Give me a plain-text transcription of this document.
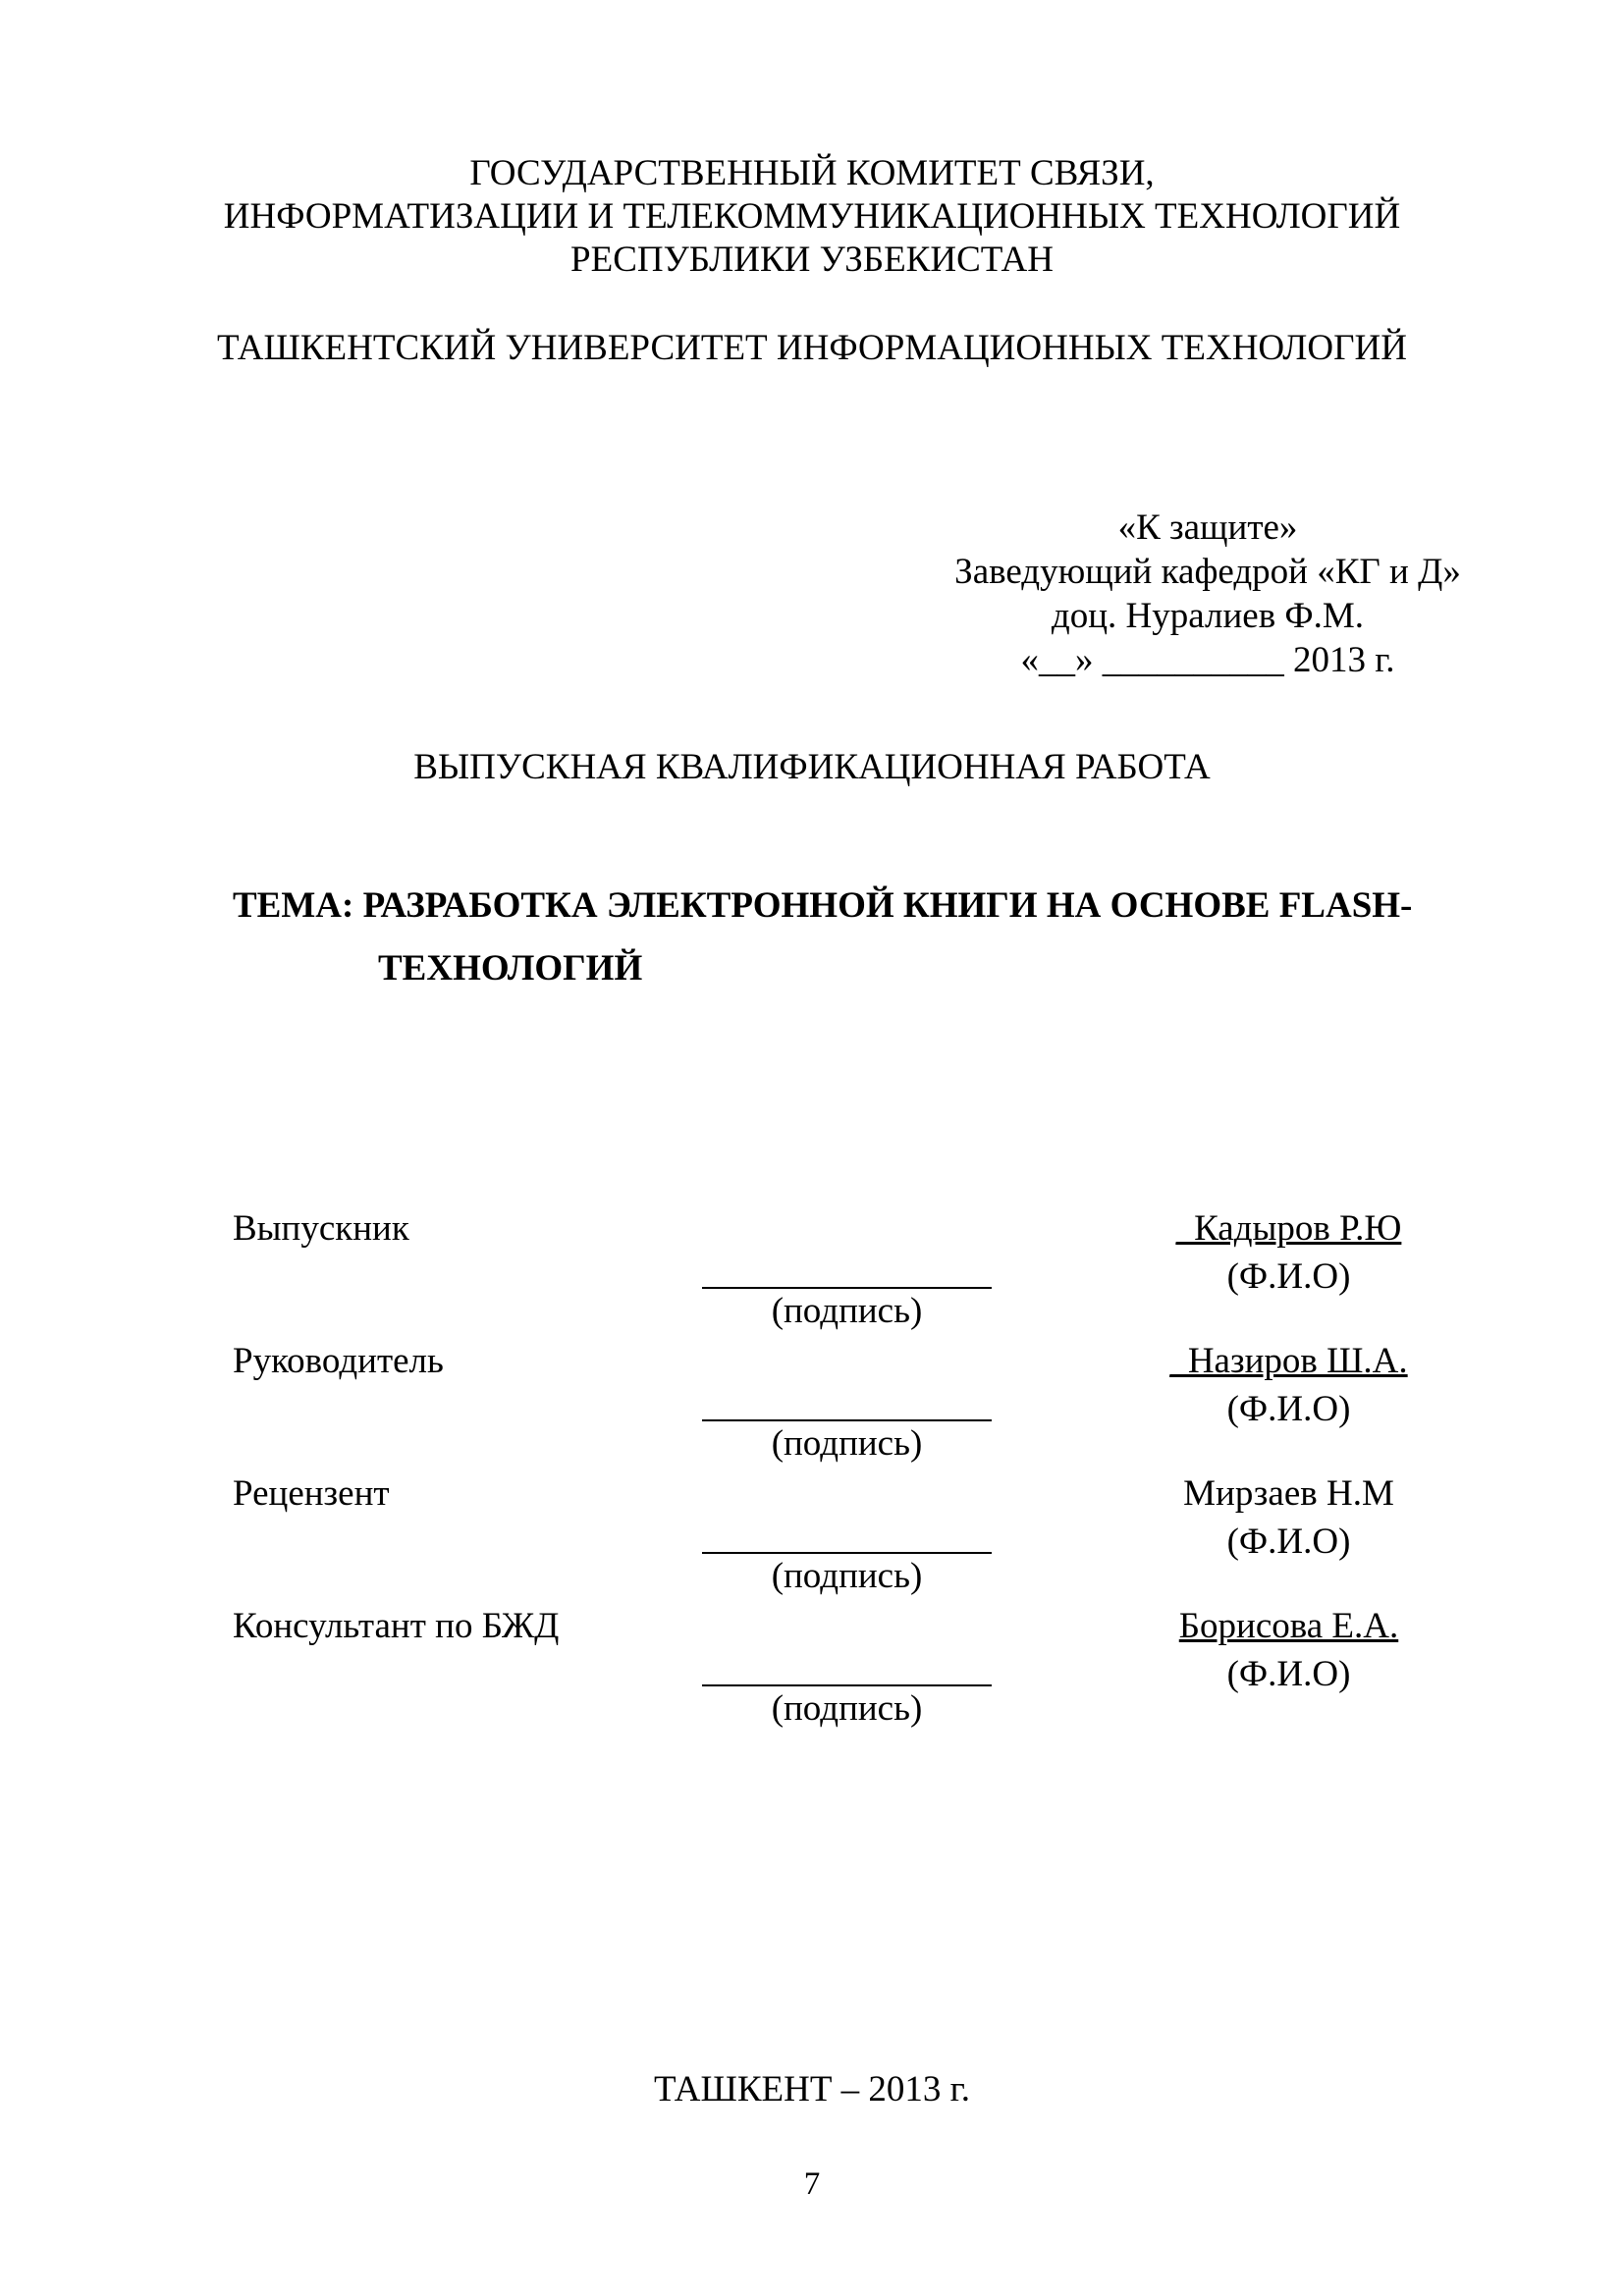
ГОСУДАРСТВЕННЫЙ КОМИТЕТ СВЯЗИ,
ИНФОРМАТИЗАЦИИ И ТЕЛЕКОММУНИКАЦИОННЫХ ТЕХНОЛОГИЙ
РЕСПУБЛИКИ УЗБЕКИСТАН
ТАШКЕНТСКИЙ УНИВЕРСИТЕТ ИНФОРМАЦИОННЫХ ТЕХНОЛОГИЙ
«К защите»
Заведующий кафедрой «КГ и Д»
доц. Нуралиев Ф.М.
«__» __________ 2013 г.
ВЫПУСКНАЯ КВАЛИФИКАЦИОННАЯ РАБОТА
ТЕМА: РАЗРАБОТКА ЭЛЕКТРОННОЙ КНИГИ НА ОСНОВЕ FLASH-
ТЕХНОЛОГИЙ
Выпускник
(подпись)
_Кадыров Р.Ю
(Ф.И.О)
Руководитель
(подпись)
_Назиров Ш.А.
(Ф.И.О)
Рецензент
(подпись)
Мирзаев Н.М
(Ф.И.О)
Консультант по БЖД
(подпись)
Борисова Е.А.
(Ф.И.О)
ТАШКЕНТ – 2013 г.
7
